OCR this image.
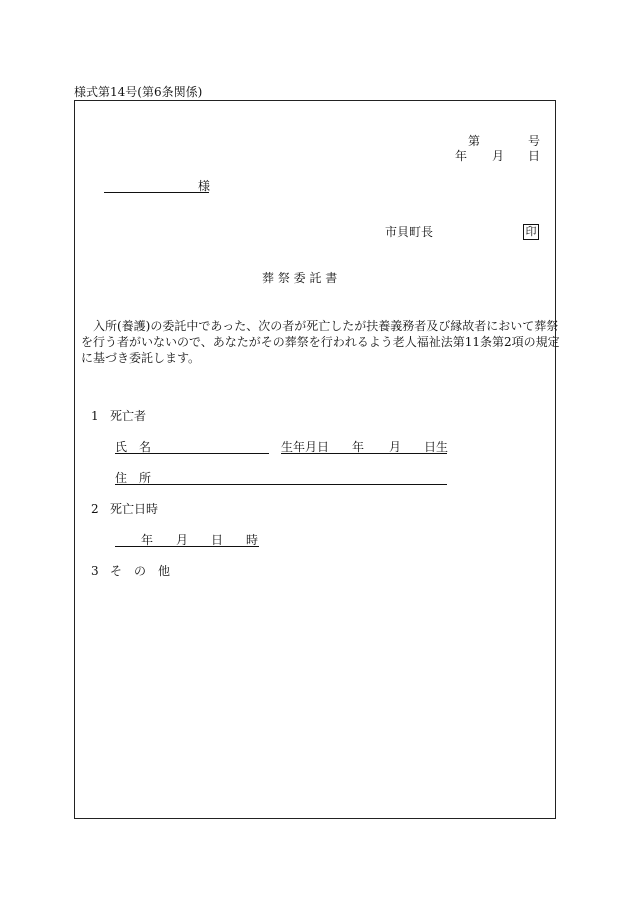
様式第14号(第6条関係)
第	号
年 月 日
様
市貝町長	印
葬 祭 委 託 書
入所(養護)の委託中であった、次の者が死亡したが扶養義務者及び縁故者において葬祭
を行う者がいないので、あなたがその葬祭を行われるよう老人福祉法第11条第2項の規定
に基づき委託します。
1 死亡者
氏　名	生年月日 年 月 日生
住　所
2 死亡日時
年 月 日 時
3 そ　の　他
